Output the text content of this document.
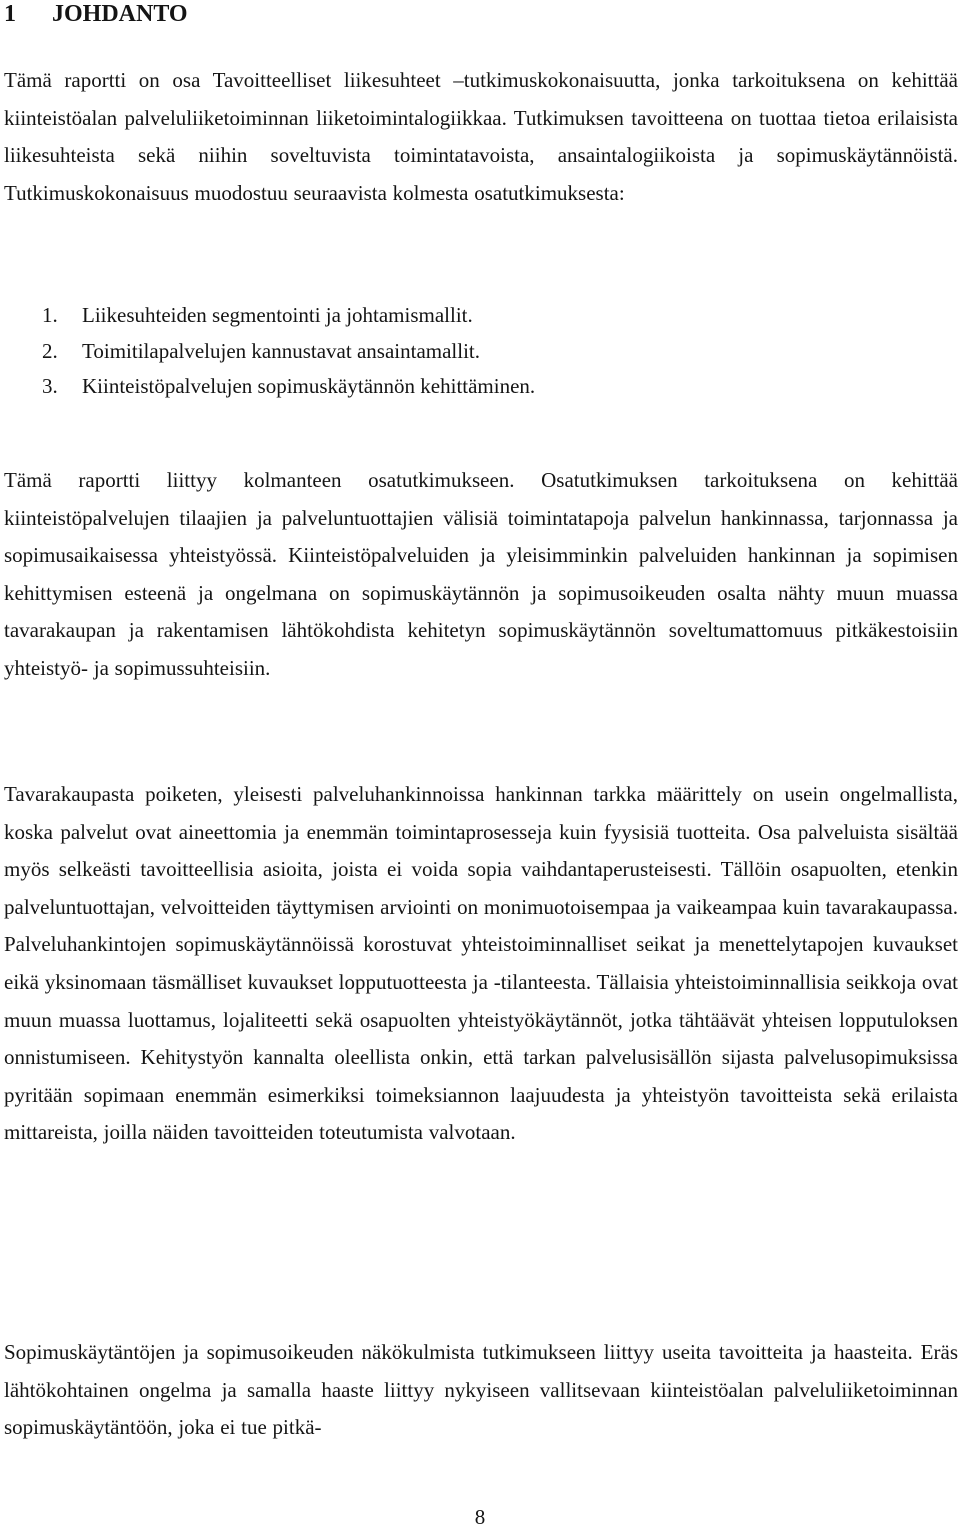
1 JOHDANTO

Tämä raportti on osa Tavoitteelliset liikesuhteet –tutkimuskokonaisuutta, jonka tarkoituksena on kehittää kiinteistöalan palveluliiketoiminnan liiketoimintalogiikkaa. Tutkimuksen tavoitteena on tuottaa tietoa erilaisista liikesuhteista sekä niihin soveltuvista toimintatavoista, ansaintalogiikoista ja sopimuskäytännöistä. Tutkimuskokonaisuus muodostuu seuraavista kolmesta osatutkimuksesta:

1. Liikesuhteiden segmentointi ja johtamismallit.
2. Toimitilapalvelujen kannustavat ansaintamallit.
3. Kiinteistöpalvelujen sopimuskäytännön kehittäminen.

Tämä raportti liittyy kolmanteen osatutkimukseen. Osatutkimuksen tarkoituksena on kehittää kiinteistöpalvelujen tilaajien ja palveluntuottajien välisiä toimintatapoja palvelun hankinnassa, tarjonnassa ja sopimusaikaisessa yhteistyössä. Kiinteistöpalveluiden ja yleisimminkin palveluiden hankinnan ja sopimisen kehittymisen esteenä ja ongelmana on sopimuskäytännön ja sopimusoikeuden osalta nähty muun muassa tavarakaupan ja rakentamisen lähtökohdista kehitetyn sopimuskäytännön soveltumattomuus pitkäkestoisiin yhteistyö- ja sopimussuhteisiin.

Tavarakaupasta poiketen, yleisesti palveluhankinnoissa hankinnan tarkka määrittely on usein ongelmallista, koska palvelut ovat aineettomia ja enemmän toimintaprosesseja kuin fyysisiä tuotteita. Osa palveluista sisältää myös selkeästi tavoitteellisia asioita, joista ei voida sopia vaihdantaperusteisesti. Tällöin osapuolten, etenkin palveluntuottajan, velvoitteiden täyttymisen arviointi on monimuotoisempaa ja vaikeampaa kuin tavarakaupassa. Palveluhankintojen sopimuskäytännöissä korostuvat yhteistoiminnalliset seikat ja menettelytapojen kuvaukset eikä yksinomaan täsmälliset kuvaukset lopputuotteesta ja -tilanteesta. Tällaisia yhteistoiminnallisia seikkoja ovat muun muassa luottamus, lojaliteetti sekä osapuolten yhteistyökäytännöt, jotka tähtäävät yhteisen lopputuloksen onnistumiseen. Kehitystyön kannalta oleellista onkin, että tarkan palvelusisällön sijasta palvelusopimuksissa pyritään sopimaan enemmän esimerkiksi toimeksiannon laajuudesta ja yhteistyön tavoitteista sekä erilaista mittareista, joilla näiden tavoitteiden toteutumista valvotaan.

Sopimuskäytäntöjen ja sopimusoikeuden näkökulmista tutkimukseen liittyy useita tavoitteita ja haasteita. Eräs lähtökohtainen ongelma ja samalla haaste liittyy nykyiseen vallitsevaan kiinteistöalan palveluliiketoiminnan sopimuskäytäntöön, joka ei tue pitkä-

8
